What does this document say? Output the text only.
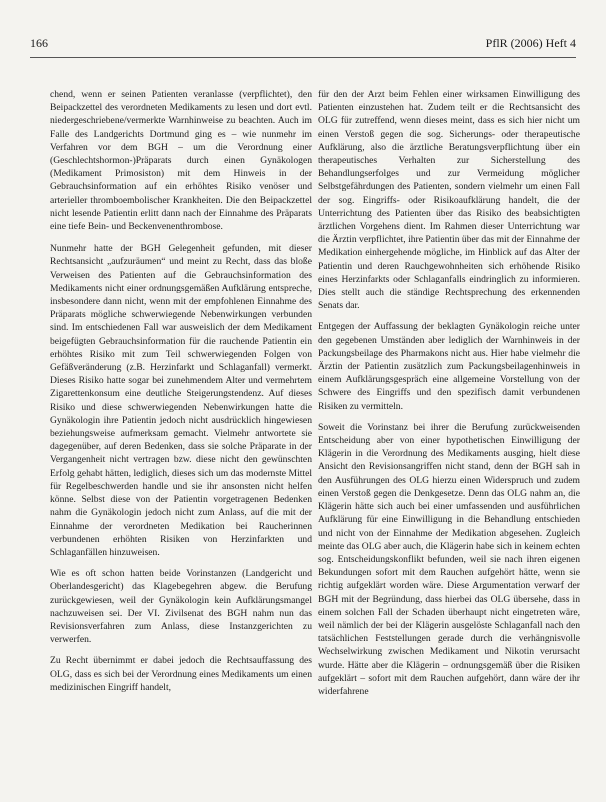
166	PflR (2006) Heft 4

chend, wenn er seinen Patienten veranlasse (verpflichtet), den Beipackzettel des verordneten Medikaments zu lesen und dort evtl. niedergeschriebene/vermerkte Warnhinweise zu beachten. Auch im Falle des Landgerichts Dortmund ging es – wie nunmehr im Verfahren vor dem BGH – um die Verordnung einer (Geschlechtshormon-)Präparats durch einen Gynäkologen (Medikament Primosiston) mit dem Hinweis in der Gebrauchsinformation auf ein erhöhtes Risiko venöser und arterieller thromboembolischer Krankheiten. Die den Beipackzettel nicht lesende Patientin erlitt dann nach der Einnahme des Präparats eine tiefe Bein- und Beckenvenenthrombose.

Nunmehr hatte der BGH Gelegenheit gefunden, mit dieser Rechtsansicht „aufzuräumen“ und meint zu Recht, dass das bloße Verweisen des Patienten auf die Gebrauchsinformation des Medikaments nicht einer ordnungsgemäßen Aufklärung entspreche, insbesondere dann nicht, wenn mit der empfohlenen Einnahme des Präparats mögliche schwerwiegende Nebenwirkungen verbunden sind. Im entschiedenen Fall war ausweislich der dem Medikament beigefügten Gebrauchsinformation für die rauchende Patientin ein erhöhtes Risiko mit zum Teil schwerwiegenden Folgen von Gefäßveränderung (z.B. Herzinfarkt und Schlaganfall) vermerkt. Dieses Risiko hatte sogar bei zunehmendem Alter und vermehrtem Zigarettenkonsum eine deutliche Steigerungstendenz. Auf dieses Risiko und diese schwerwiegenden Nebenwirkungen hatte die Gynäkologin ihre Patientin jedoch nicht ausdrücklich hingewiesen beziehungsweise aufmerksam gemacht. Vielmehr antwortete sie dagegenüber, auf deren Bedenken, dass sie solche Präparate in der Vergangenheit nicht vertragen bzw. diese nicht den gewünschten Erfolg gehabt hätten, lediglich, dieses sich um das modernste Mittel für Regelbeschwerden handle und sie ihr ansonsten nicht helfen könne. Selbst diese von der Patientin vorgetragenen Bedenken nahm die Gynäkologin jedoch nicht zum Anlass, auf die mit der Einnahme der verordneten Medikation bei Raucherinnen verbundenen erhöhten Risiken von Herzinfarkten und Schlaganfällen hinzuweisen.

Wie es oft schon hatten beide Vorinstanzen (Landgericht und Oberlandesgericht) das Klagebegehren abgew. die Berufung zurückgewiesen, weil der Gynäkologin kein Aufklärungsmangel nachzuweisen sei. Der VI. Zivilsenat des BGH nahm nun das Revisionsverfahren zum Anlass, diese Instanzgerichten zu verwerfen.

Zu Recht übernimmt er dabei jedoch die Rechtsauffassung des OLG, dass es sich bei der Verordnung eines Medikaments um einen medizinischen Eingriff handelt,

für den der Arzt beim Fehlen einer wirksamen Einwilligung des Patienten einzustehen hat. Zudem teilt er die Rechtsansicht des OLG für zutreffend, wenn dieses meint, dass es sich hier nicht um einen Verstoß gegen die sog. Sicherungs- oder therapeutische Aufklärung, also die ärztliche Beratungsverpflichtung über ein therapeutisches Verhalten zur Sicherstellung des Behandlungserfolges und zur Vermeidung möglicher Selbstgefährdungen des Patienten, sondern vielmehr um einen Fall der sog. Eingriffs- oder Risikoaufklärung handelt, die der Unterrichtung des Patienten über das Risiko des beabsichtigten ärztlichen Vorgehens dient. Im Rahmen dieser Unterrichtung war die Ärztin verpflichtet, ihre Patientin über das mit der Einnahme der Medikation einhergehende mögliche, im Hinblick auf das Alter der Patientin und deren Rauchgewohnheiten sich erhöhende Risiko eines Herzinfarkts oder Schlaganfalls eindringlich zu informieren. Dies stellt auch die ständige Rechtsprechung des erkennenden Senats dar.

Entgegen der Auffassung der beklagten Gynäkologin reiche unter den gegebenen Umständen aber lediglich der Warnhinweis in der Packungsbeilage des Pharmakons nicht aus. Hier habe vielmehr die Ärztin der Patientin zusätzlich zum Packungsbeilagenhinweis in einem Aufklärungsgespräch eine allgemeine Vorstellung von der Schwere des Eingriffs und den spezifisch damit verbundenen Risiken zu vermitteln.

Soweit die Vorinstanz bei ihrer die Berufung zurückweisenden Entscheidung aber von einer hypothetischen Einwilligung der Klägerin in die Verordnung des Medikaments ausging, hielt diese Ansicht den Revisionsangriffen nicht stand, denn der BGH sah in den Ausführungen des OLG hierzu einen Widerspruch und zudem einen Verstoß gegen die Denkgesetze. Denn das OLG nahm an, die Klägerin hätte sich auch bei einer umfassenden und ausführlichen Aufklärung für eine Einwilligung in die Behandlung entschieden und nicht von der Einnahme der Medikation abgesehen. Zugleich meinte das OLG aber auch, die Klägerin habe sich in keinem echten sog. Entscheidungskonflikt befunden, weil sie nach ihren eigenen Bekundungen sofort mit dem Rauchen aufgehört hätte, wenn sie richtig aufgeklärt worden wäre. Diese Argumentation verwarf der BGH mit der Begründung, dass hierbei das OLG übersehe, dass in einem solchen Fall der Schaden überhaupt nicht eingetreten wäre, weil nämlich der bei der Klägerin ausgelöste Schlaganfall nach den tatsächlichen Feststellungen gerade durch die verhängnisvolle Wechselwirkung zwischen Medikament und Nikotin verursacht wurde. Hätte aber die Klägerin – ordnungsgemäß über die Risiken aufgeklärt – sofort mit dem Rauchen aufgehört, dann wäre der ihr widerfahrene
